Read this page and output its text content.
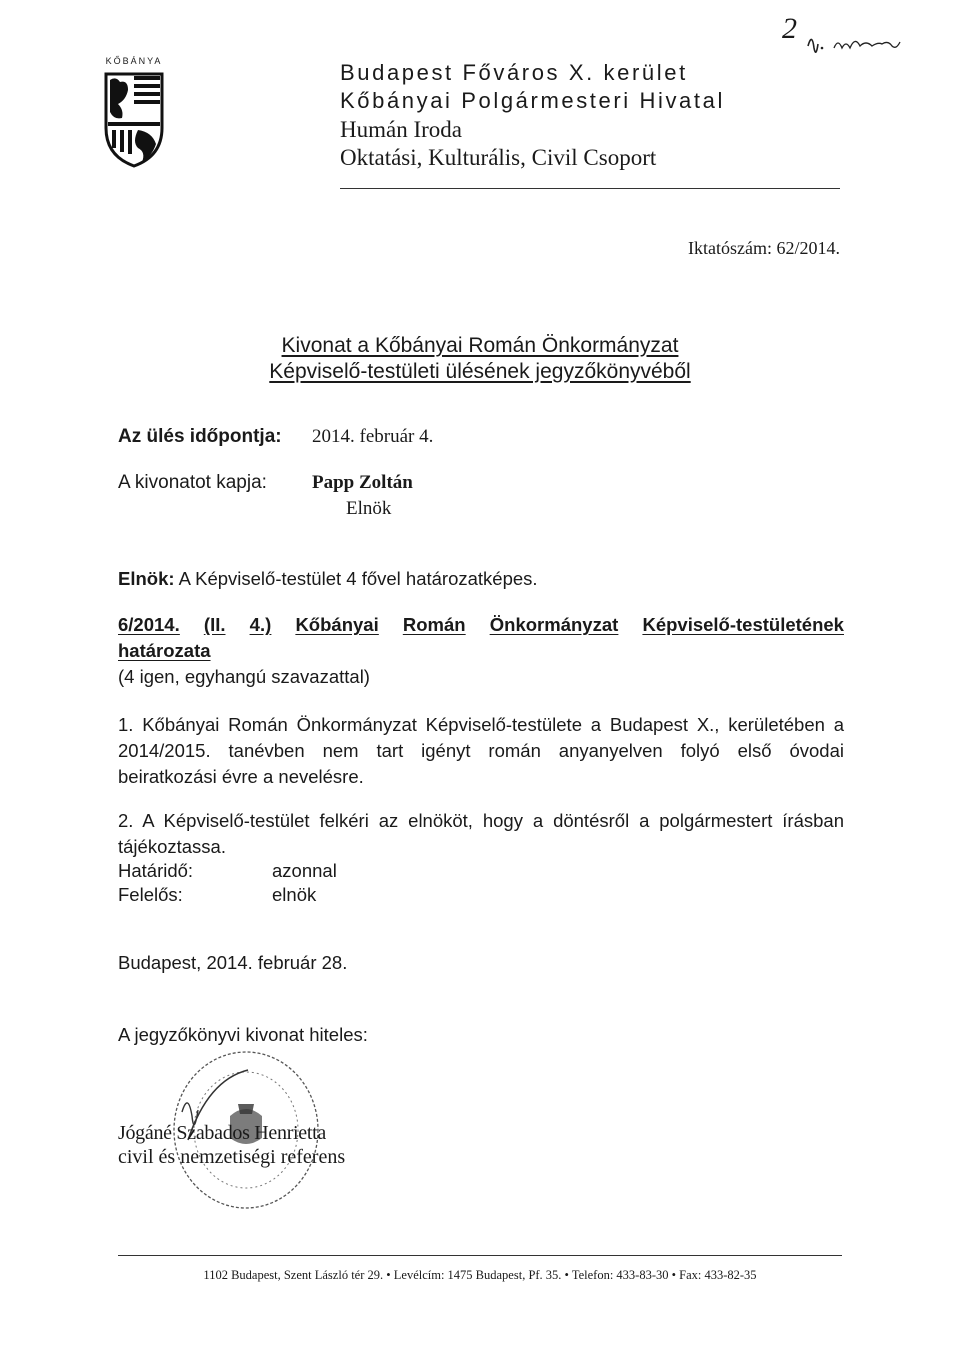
2
KŐBÁNYA	Budapest Főváros X. kerület
Kőbányai Polgármesteri Hivatal
Humán Iroda
Oktatási, Kulturális, Civil Csoport
Iktatószám: 62/2014.
Kivonat a Kőbányai Román Önkormányzat
Képviselő-testületi ülésének jegyzőkönyvéből
Az ülés időpontja: 2014. február 4.
A kivonatot kapja: Papp Zoltán
Elnök
Elnök: A Képviselő-testület 4 fővel határozatképes.
6/2014. (II. 4.) Kőbányai Román Önkormányzat Képviselő-testületének
határozata
(4 igen, egyhangú szavazattal)
1. Kőbányai Román Önkormányzat Képviselő-testülete a Budapest X., kerületében a
2014/2015. tanévben nem tart igényt román anyanyelven folyó első óvodai
beiratkozási évre a nevelésre.
2. A Képviselő-testület felkéri az elnököt, hogy a döntésről a polgármestert írásban
tájékoztassa.
Határidő:	azonnal
Felelős:	elnök
Budapest, 2014. február 28.
A jegyzőkönyvi kivonat hiteles:
Jógáné Szabados Henrietta
civil és nemzetiségi referens
1102 Budapest, Szent László tér 29. • Levélcím: 1475 Budapest, Pf. 35. • Telefon: 433-83-30 • Fax: 433-82-35
